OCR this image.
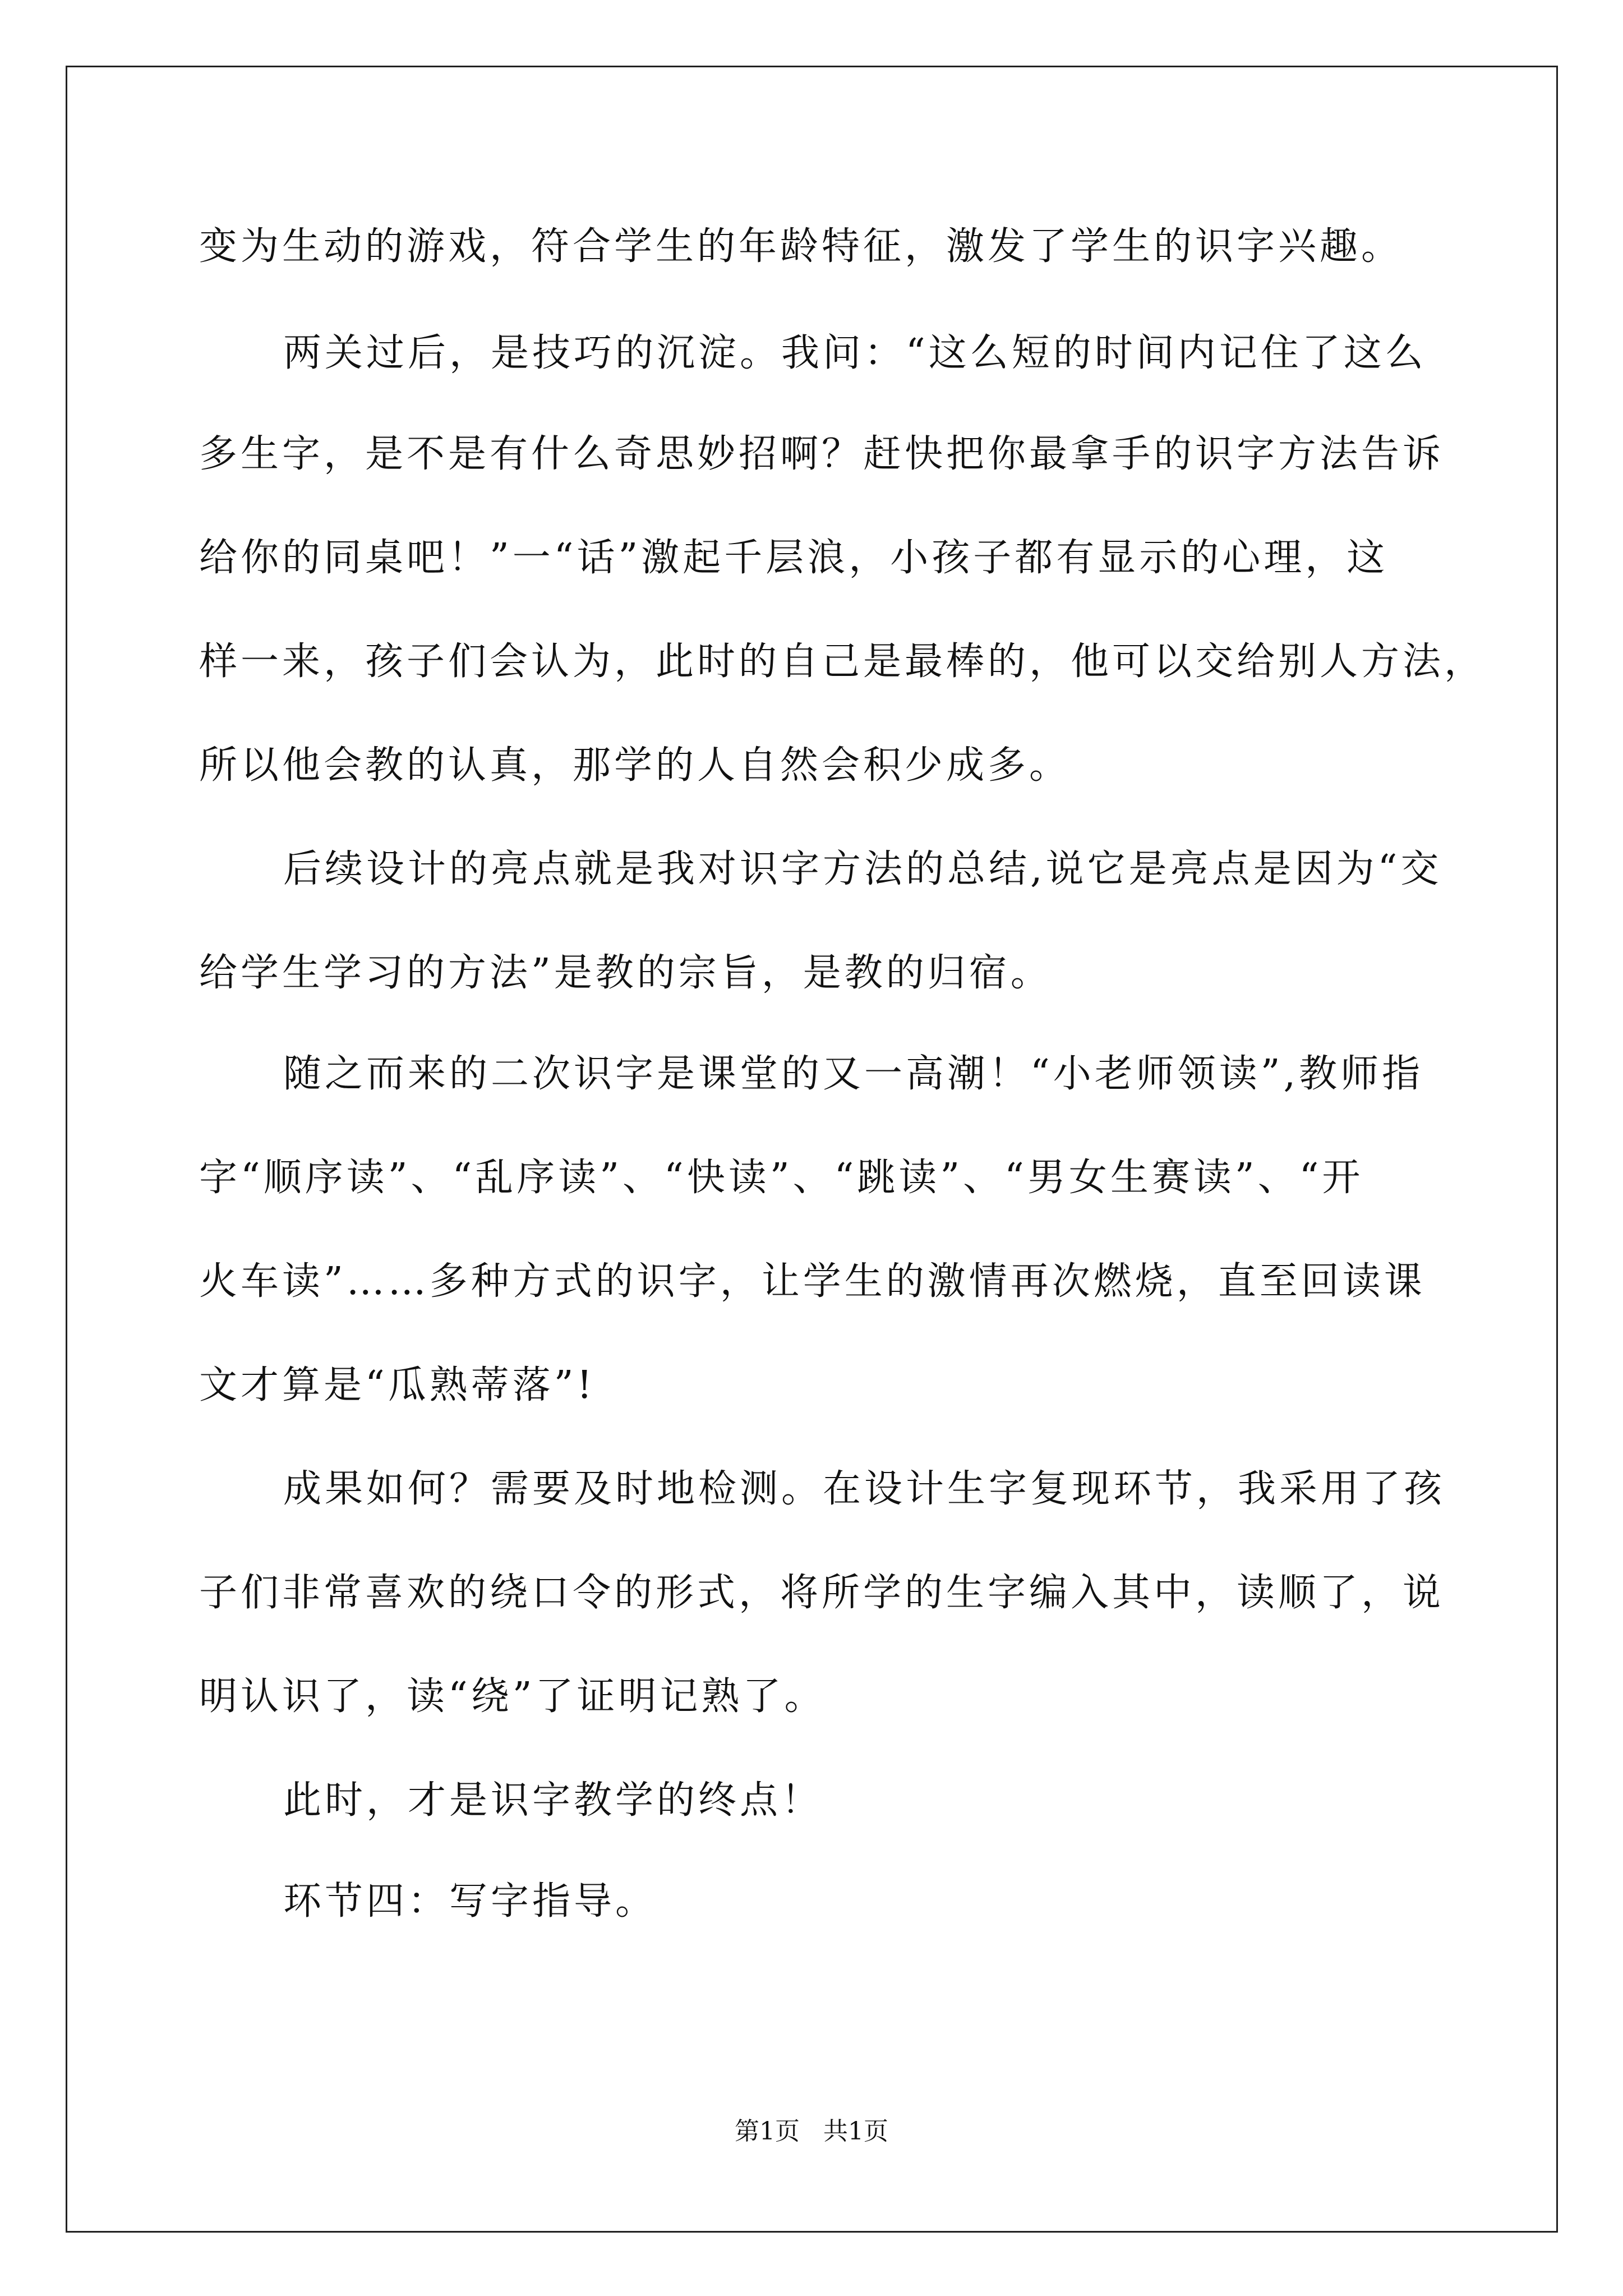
变为生动的游戏，符合学生的年龄特征，激发了学生的识字兴趣。
两关过后，是技巧的沉淀。我问：“这么短的时间内记住了这么
多生字，是不是有什么奇思妙招啊？赶快把你最拿手的识字方法告诉
给你的同桌吧！”一“话”激起千层浪，小孩子都有显示的心理，这
样一来，孩子们会认为，此时的自己是最棒的，他可以交给别人方法，
所以他会教的认真，那学的人自然会积少成多。
后续设计的亮点就是我对识字方法的总结,说它是亮点是因为“交
给学生学习的方法”是教的宗旨，是教的归宿。
随之而来的二次识字是课堂的又一高潮！“小老师领读”,教师指
字“顺序读”、“乱序读”、“快读”、“跳读”、“男女生赛读”、“开
火车读”……多种方式的识字，让学生的激情再次燃烧，直至回读课
文才算是“瓜熟蒂落”!
成果如何？需要及时地检测。在设计生字复现环节，我采用了孩
子们非常喜欢的绕口令的形式，将所学的生字编入其中，读顺了，说
明认识了，读“绕”了证明记熟了。
此时，才是识字教学的终点！
环节四：写字指导。
第1页   共1页
